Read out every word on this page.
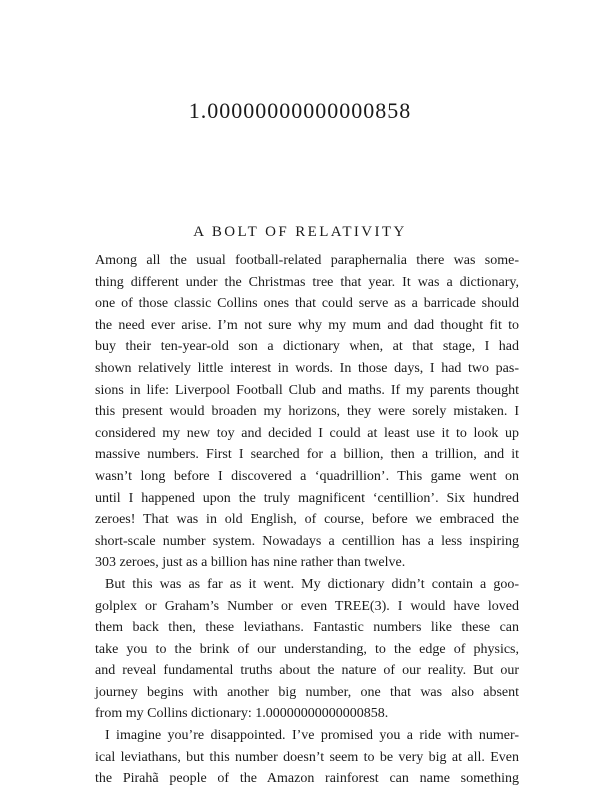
1.00000000000000858
A BOLT OF RELATIVITY
Among all the usual football-related paraphernalia there was some-
thing different under the Christmas tree that year. It was a dictionary,
one of those classic Collins ones that could serve as a barricade should
the need ever arise. I’m not sure why my mum and dad thought fit to
buy their ten-year-old son a dictionary when, at that stage, I had
shown relatively little interest in words. In those days, I had two pas-
sions in life: Liverpool Football Club and maths. If my parents thought
this present would broaden my horizons, they were sorely mistaken. I
considered my new toy and decided I could at least use it to look up
massive numbers. First I searched for a billion, then a trillion, and it
wasn’t long before I discovered a ‘quadrillion’. This game went on
until I happened upon the truly magnificent ‘centillion’. Six hundred
zeroes! That was in old English, of course, before we embraced the
short-scale number system. Nowadays a centillion has a less inspiring
303 zeroes, just as a billion has nine rather than twelve.
But this was as far as it went. My dictionary didn’t contain a goo-
golplex or Graham’s Number or even TREE(3). I would have loved
them back then, these leviathans. Fantastic numbers like these can
take you to the brink of our understanding, to the edge of physics,
and reveal fundamental truths about the nature of our reality. But our
journey begins with another big number, one that was also absent
from my Collins dictionary: 1.00000000000000858.
I imagine you’re disappointed. I’ve promised you a ride with numer-
ical leviathans, but this number doesn’t seem to be very big at all. Even
the Pirahã people of the Amazon rainforest can name something
